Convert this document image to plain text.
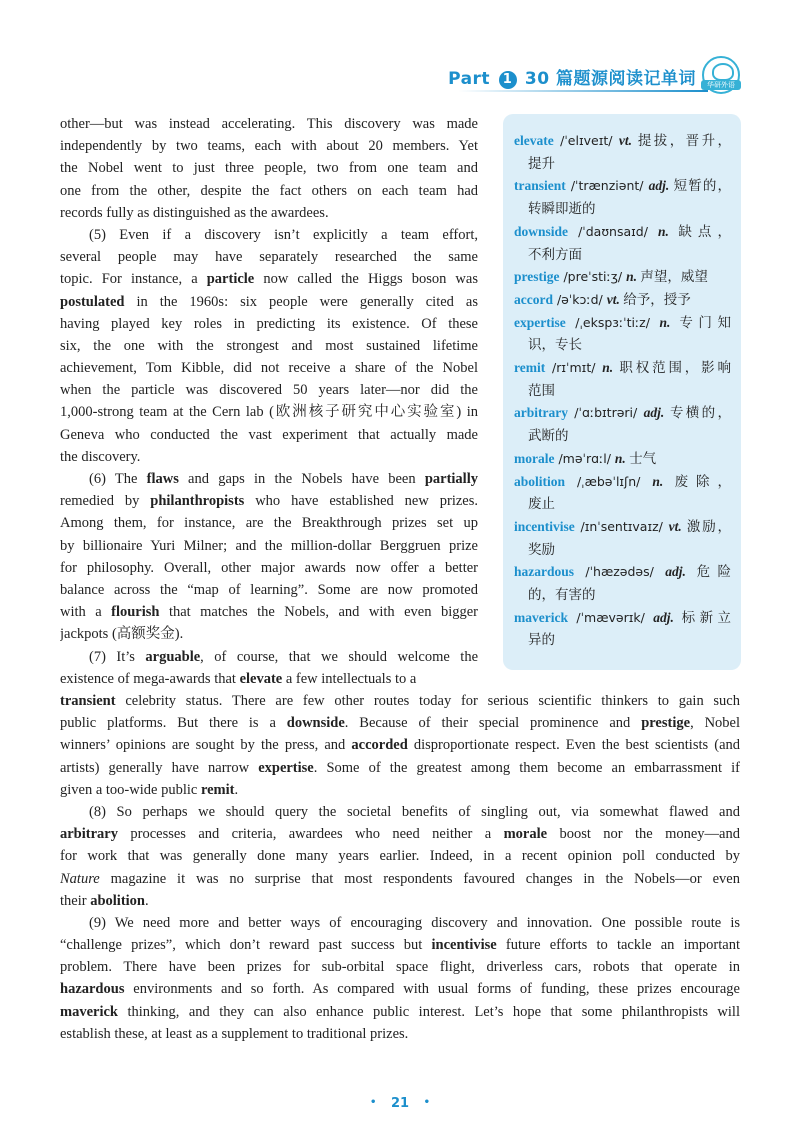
Part 1 30 篇题源阅读记单词	华研外语
other—but was instead accelerating. This discovery was made
independently by two teams, each with about 20 members. Yet
the Nobel went to just three people, two from one team and
one from the other, despite the fact others on each team had
records fully as distinguished as the awardees.
(5) Even if a discovery isn’t explicitly a team effort,
several people may have separately researched the same
topic. For instance, a particle now called the Higgs boson was
postulated in the 1960s: six people were generally cited as
having played key roles in predicting its existence. Of these
six, the one with the strongest and most sustained lifetime
achievement, Tom Kibble, did not receive a share of the Nobel
when the particle was discovered 50 years later—nor did the
1,000-strong team at the Cern lab (欧洲核子研究中心实验室) in
Geneva who conducted the vast experiment that actually made
the discovery.
(6) The flaws and gaps in the Nobels have been partially
remedied by philanthropists who have established new prizes.
Among them, for instance, are the Breakthrough prizes set up
by billionaire Yuri Milner; and the million-dollar Berggruen prize
for philosophy. Overall, other major awards now offer a better
balance across the “map of learning”. Some are now promoted
with a flourish that matches the Nobels, and with even bigger
jackpots (高额奖金).
(7) It’s arguable, of course, that we should welcome the
existence of mega-awards that elevate a few intellectuals to a
transient celebrity status. There are few other routes today for serious scientific thinkers to gain such
public platforms. But there is a downside. Because of their special prominence and prestige, Nobel
winners’ opinions are sought by the press, and accorded disproportionate respect. Even the best scientists (and
artists) generally have narrow expertise. Some of the greatest among them become an embarrassment if
given a too-wide public remit.
(8) So perhaps we should query the societal benefits of singling out, via somewhat flawed and
arbitrary processes and criteria, awardees who need neither a morale boost nor the money—and
for work that was generally done many years earlier. Indeed, in a recent opinion poll conducted by
Nature magazine it was no surprise that most respondents favoured changes in the Nobels—or even
their abolition.
(9) We need more and better ways of encouraging discovery and innovation. One possible route is
“challenge prizes”, which don’t reward past success but incentivise future efforts to tackle an important
problem. There have been prizes for sub-orbital space flight, driverless cars, robots that operate in
hazardous environments and so forth. As compared with usual forms of funding, these prizes encourage
maverick thinking, and they can also enhance public interest. Let’s hope that some philanthropists will
establish these, at least as a supplement to traditional prizes.
elevate /ˈelɪveɪt/ vt. 提拔，晋升，
提升
transient /ˈtrænziənt/ adj. 短暂的，
转瞬即逝的
downside /ˈdaʊnsaɪd/ n. 缺点，
不利方面
prestige /preˈstiːʒ/ n. 声望，威望
accord /əˈkɔːd/ vt. 给予，授予
expertise /ˌekspɜːˈtiːz/ n. 专门知
识，专长
remit /rɪˈmɪt/ n. 职权范围，影响
范围
arbitrary /ˈɑːbɪtrəri/ adj. 专横的，
武断的
morale /məˈrɑːl/ n. 士气
abolition /ˌæbəˈlɪʃn/ n. 废除，
废止
incentivise /ɪnˈsentɪvaɪz/ vt. 激励，
奖励
hazardous /ˈhæzədəs/ adj. 危险
的，有害的
maverick /ˈmævərɪk/ adj. 标新立
异的
• 21 •
